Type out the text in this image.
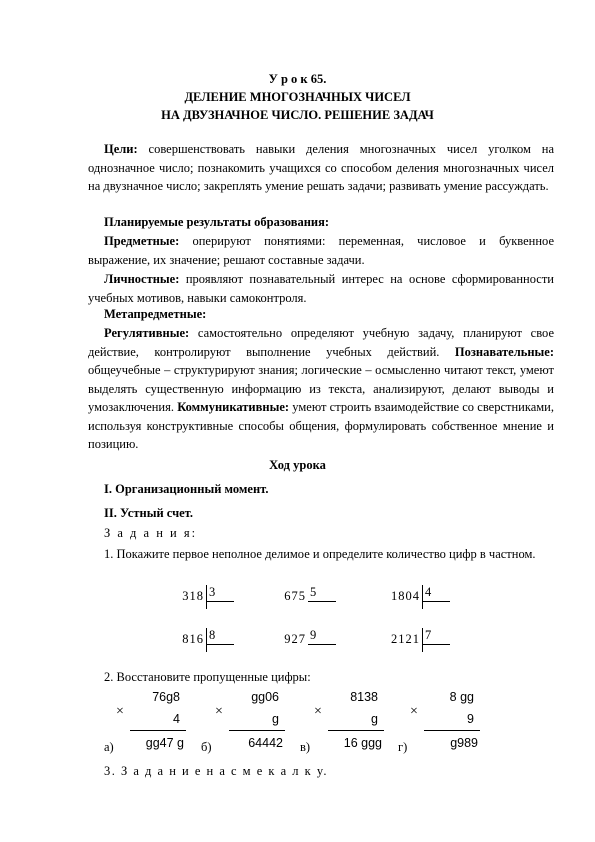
У р о к 65.
ДЕЛЕНИЕ МНОГОЗНАЧНЫХ ЧИСЕЛ
НА ДВУЗНАЧНОЕ ЧИСЛО. РЕШЕНИЕ ЗАДАЧ

Цели: совершенствовать навыки деления многозначных чисел уголком на однозначное число; познакомить учащихся со способом деления многозначных чисел на двузначное число; закреплять умение решать задачи; развивать умение рассуждать.

Планируемые результаты образования:

Предметные: оперируют понятиями: переменная, числовое и буквенное выражение, их значение; решают составные задачи.

Личностные: проявляют познавательный интерес на основе сформированности учебных мотивов, навыки самоконтроля.

Метапредметные:

Регулятивные: самостоятельно определяют учебную задачу, планируют свое действие, контролируют выполнение учебных действий. Познавательные: общеучебные – структурируют знания; логические – осмысленно читают текст, умеют выделять существенную информацию из текста, анализируют, делают выводы и умозаключения. Коммуникативные: умеют строить взаимодействие со сверстниками, используя конструктивные способы общения, формулировать собственное мнение и позицию.

Ход урока
I. Организационный момент.
II. Устный счет.
З а д а н и я:

1. Покажите первое неполное делимое и определите количество цифр в частном.

318 3	675 5	1804 4
816 8	927 9	2121 7
2. Восстановите пропущенные цифры:
76g8
×	4
gg47 g
а)
gg06
×	g
64442
б)
8138
×	g
16 ggg
в)
8 gg
×	9
g989
г)
3. З а д а н и е н а с м е к а л к у.
